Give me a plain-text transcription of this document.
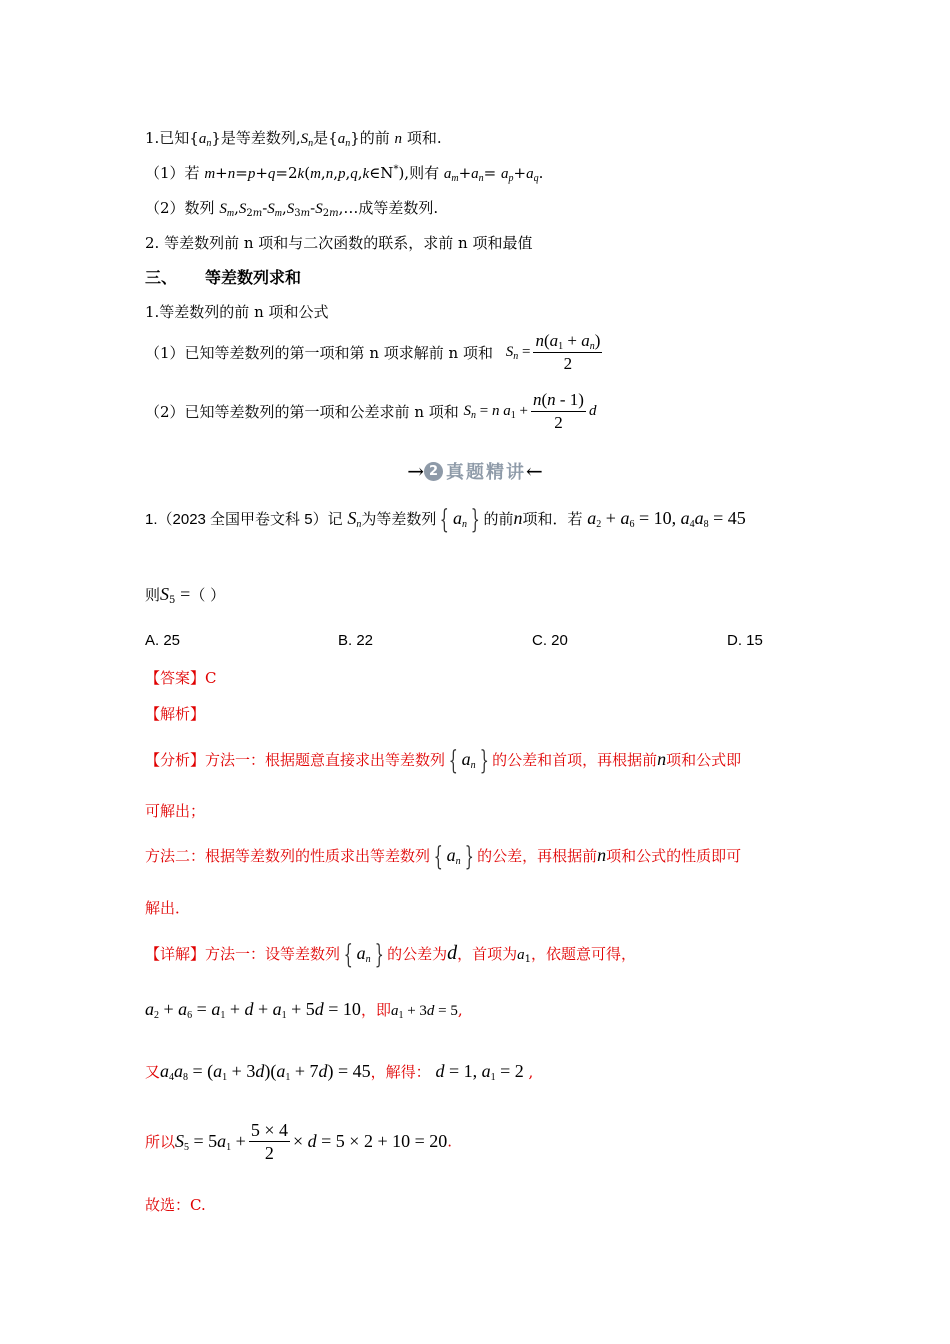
1.已知$\{a_n\}$是等差数列$,S_n$是$\{a_n\}$的前 n 项和.
（1）若 m+n=p+q=2k(m,n,p,q,k∈N*),则有 $a_m+a_n= a_p+a_q$.
（2）数列 $S_m,S_{2m}-S_m,S_{3m}-S_{2m},\dots$成等差数列.
2. 等差数列前 n 项和与二次函数的联系，求前 n 项和最值
三、 等差数列求和
1.等差数列的前 n 项和公式
（1）已知等差数列的第一项和第 n 项求解前 n 项和 $S_n = \frac{n(a_1 + a_n)}{2}$
（2）已知等差数列的第一项和公差求前 n 项和 $S_n = n$ $a_1 + \frac{n(n - 1)}{2}$ d
→ 2 真题精讲←
1.（2023 全国甲卷文科 5）记 $S_n$为等差数列 { $a_n$ } 的前n项和．若 $a_2 + a_6 = 10$, $a_4a_8 = 45$
则$S_5$ =（ ）
A. 25	B. 22	C. 20	D. 15
【答案】C
【解析】
【分析】方法一：根据题意直接求出等差数列 { $a_n$ } 的公差和首项，再根据前n项和公式即
可解出；
方法二：根据等差数列的性质求出等差数列 { $a_n$ } 的公差，再根据前n项和公式的性质即可
解出．
【详解】方法一：设等差数列 { $a_n$ } 的公差为d，首项为$a_1$，依题意可得，
$a_2 + a_6 = a_1 + d + a_1 + 5d = 10$，即$a_1 + 3d = 5$,
又$a_4a_8 = (a_1 + 3d)(a_1 + 7d) = 45$，解得： d = 1, $a_1 = 2$ ,
所以$S_5 = 5a_1 + \frac{5 \times 4}{2} \times d = 5 \times 2 + 10 = 20$.
故选：C.
